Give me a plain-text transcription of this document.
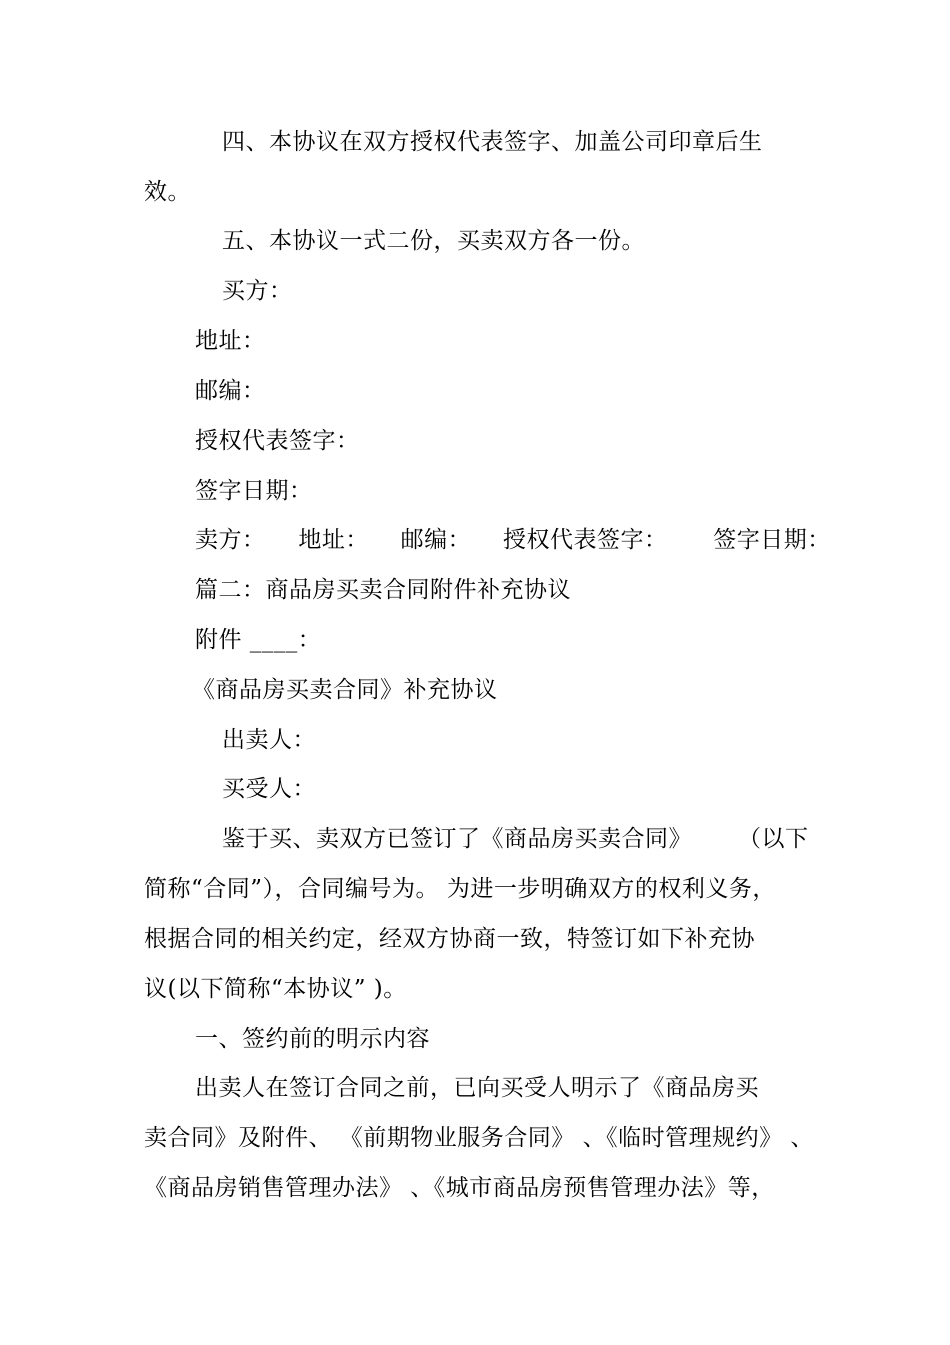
四、本协议在双方授权代表签字、加盖公司印章后生
效。
五、本协议一式二份，买卖双方各一份。
买方：
地址：
邮编：
授权代表签字：
签字日期：
卖方： 地址： 邮编： 授权代表签字： 签字日期：
篇二：商品房买卖合同附件补充协议
附件 ____：
《商品房买卖合同》补充协议
出卖人：
买受人：
鉴于买、卖双方已签订了《商品房买卖合同》 （以下
简称“合同”），合同编号为。 为进一步明确双方的权利义务，
根据合同的相关约定，经双方协商一致，特签订如下补充协
议(以下简称“本协议” )。
一、签约前的明示内容
出卖人在签订合同之前，已向买受人明示了《商品房买
卖合同》及附件、 《前期物业服务合同》 、《临时管理规约》 、
《商品房销售管理办法》 、《城市商品房预售管理办法》等，
